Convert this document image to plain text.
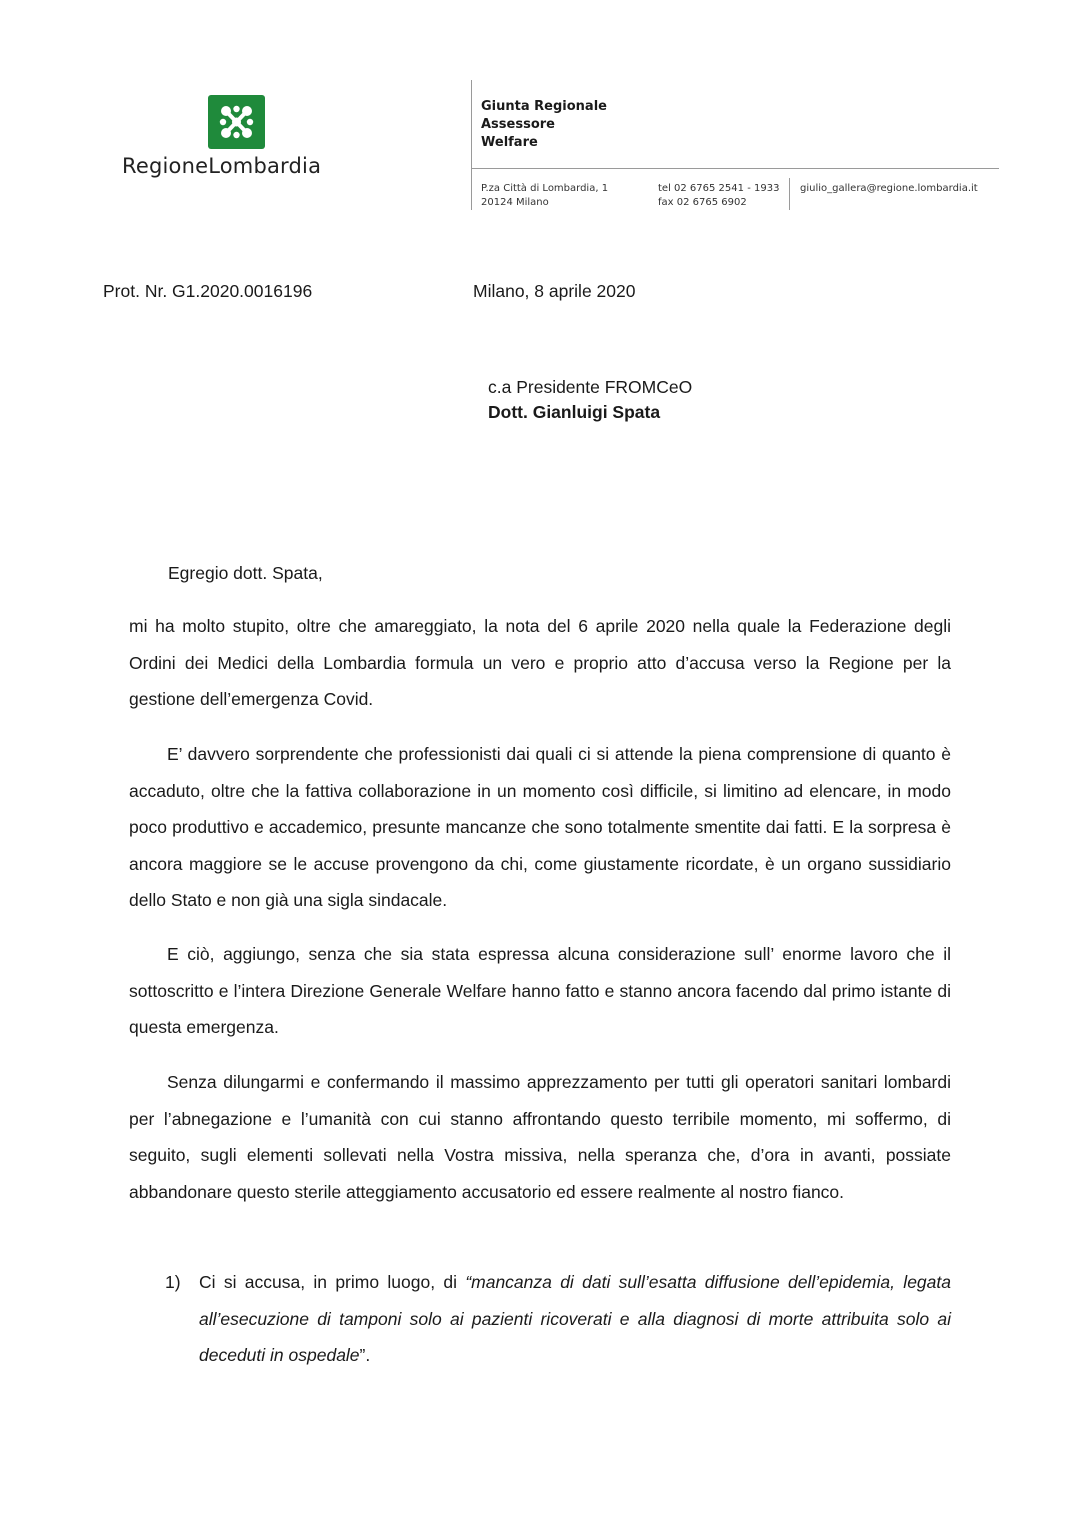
RegioneLombardia
Giunta Regionale
Assessore
Welfare
P.za Città di Lombardia, 1
20124 Milano
tel 02 6765 2541 - 1933
fax 02 6765 6902
giulio_gallera@regione.lombardia.it
Prot. Nr. G1.2020.0016196	Milano, 8 aprile 2020
c.a Presidente FROMCeO
Dott. Gianluigi Spata
Egregio dott. Spata,

mi ha molto stupito, oltre che amareggiato, la nota del 6 aprile 2020 nella quale la Federazione degli Ordini dei Medici della Lombardia formula un vero e proprio atto d’accusa verso la Regione per la gestione dell’emergenza Covid.

E’ davvero sorprendente che professionisti dai quali ci si attende la piena comprensione di quanto è accaduto, oltre che la fattiva collaborazione in un momento così difficile, si limitino ad elencare, in modo poco produttivo e accademico, presunte mancanze che sono totalmente smentite dai fatti. E la sorpresa è ancora maggiore se le accuse provengono da chi, come giustamente ricordate, è un organo sussidiario dello Stato e non già una sigla sindacale.

E ciò, aggiungo, senza che sia stata espressa alcuna considerazione sull’ enorme lavoro che il sottoscritto e l’intera Direzione Generale Welfare hanno fatto e stanno ancora facendo dal primo istante di questa emergenza.

Senza dilungarmi e confermando il massimo apprezzamento per tutti gli operatori sanitari lombardi per l’abnegazione e l’umanità con cui stanno affrontando questo terribile momento, mi soffermo, di seguito, sugli elementi sollevati nella Vostra missiva, nella speranza che, d’ora in avanti, possiate abbandonare questo sterile atteggiamento accusatorio ed essere realmente al nostro fianco.

1) Ci si accusa, in primo luogo, di “mancanza di dati sull’esatta diffusione dell’epidemia, legata all’esecuzione di tamponi solo ai pazienti ricoverati e alla diagnosi di morte attribuita solo ai deceduti in ospedale”.
